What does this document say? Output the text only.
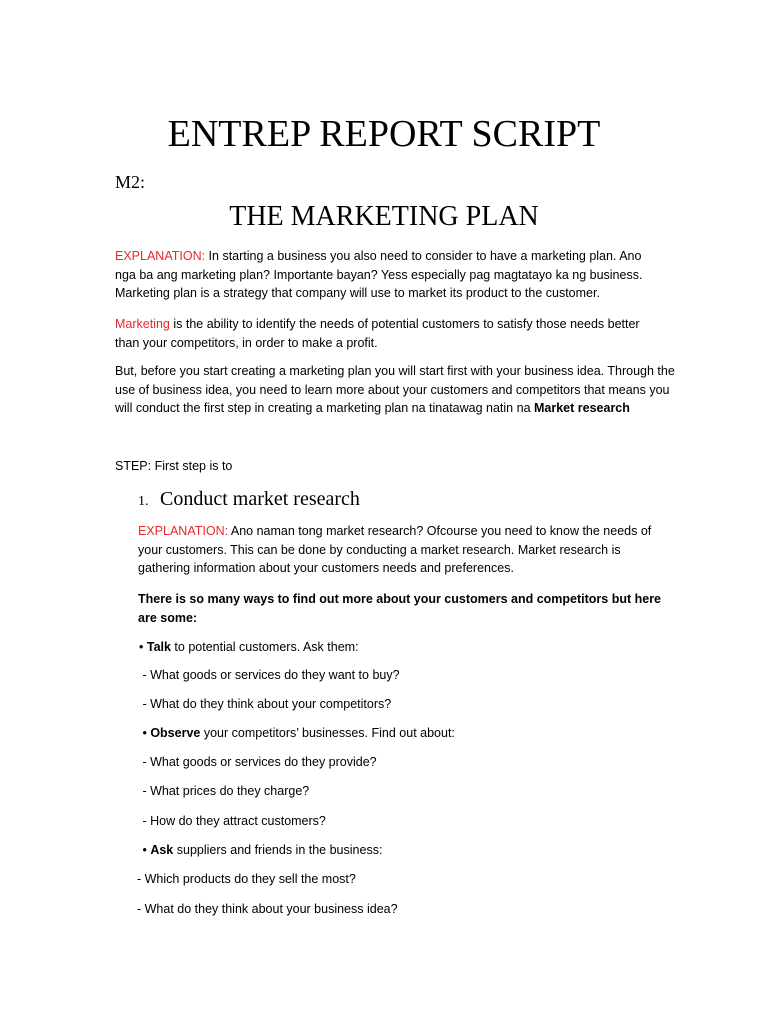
ENTREP REPORT SCRIPT
M2:
THE MARKETING PLAN

EXPLANATION: In starting a business you also need to consider to have a marketing plan. Ano nga ba ang marketing plan? Importante bayan? Yess especially pag magtatayo ka ng business. Marketing plan is a strategy that company will use to market its product to the customer.

Marketing is the ability to identify the needs of potential customers to satisfy those needs better than your competitors, in order to make a profit.

But, before you start creating a marketing plan you will start first with your business idea. Through the use of business idea, you need to learn more about your customers and competitors that means you will conduct the first step in creating a marketing plan na tinatawag natin na Market research

STEP: First step is to
1. Conduct market research

EXPLANATION: Ano naman tong market research? Ofcourse you need to know the needs of your customers. This can be done by conducting a market research. Market research is gathering information about your customers needs and preferences.

There is so many ways to find out more about your customers and competitors but here are some:

• Talk to potential customers. Ask them:
- What goods or services do they want to buy?
- What do they think about your competitors?
• Observe your competitors’ businesses. Find out about:
- What goods or services do they provide?
- What prices do they charge?
- How do they attract customers?
• Ask suppliers and friends in the business:
- Which products do they sell the most?
- What do they think about your business idea?
